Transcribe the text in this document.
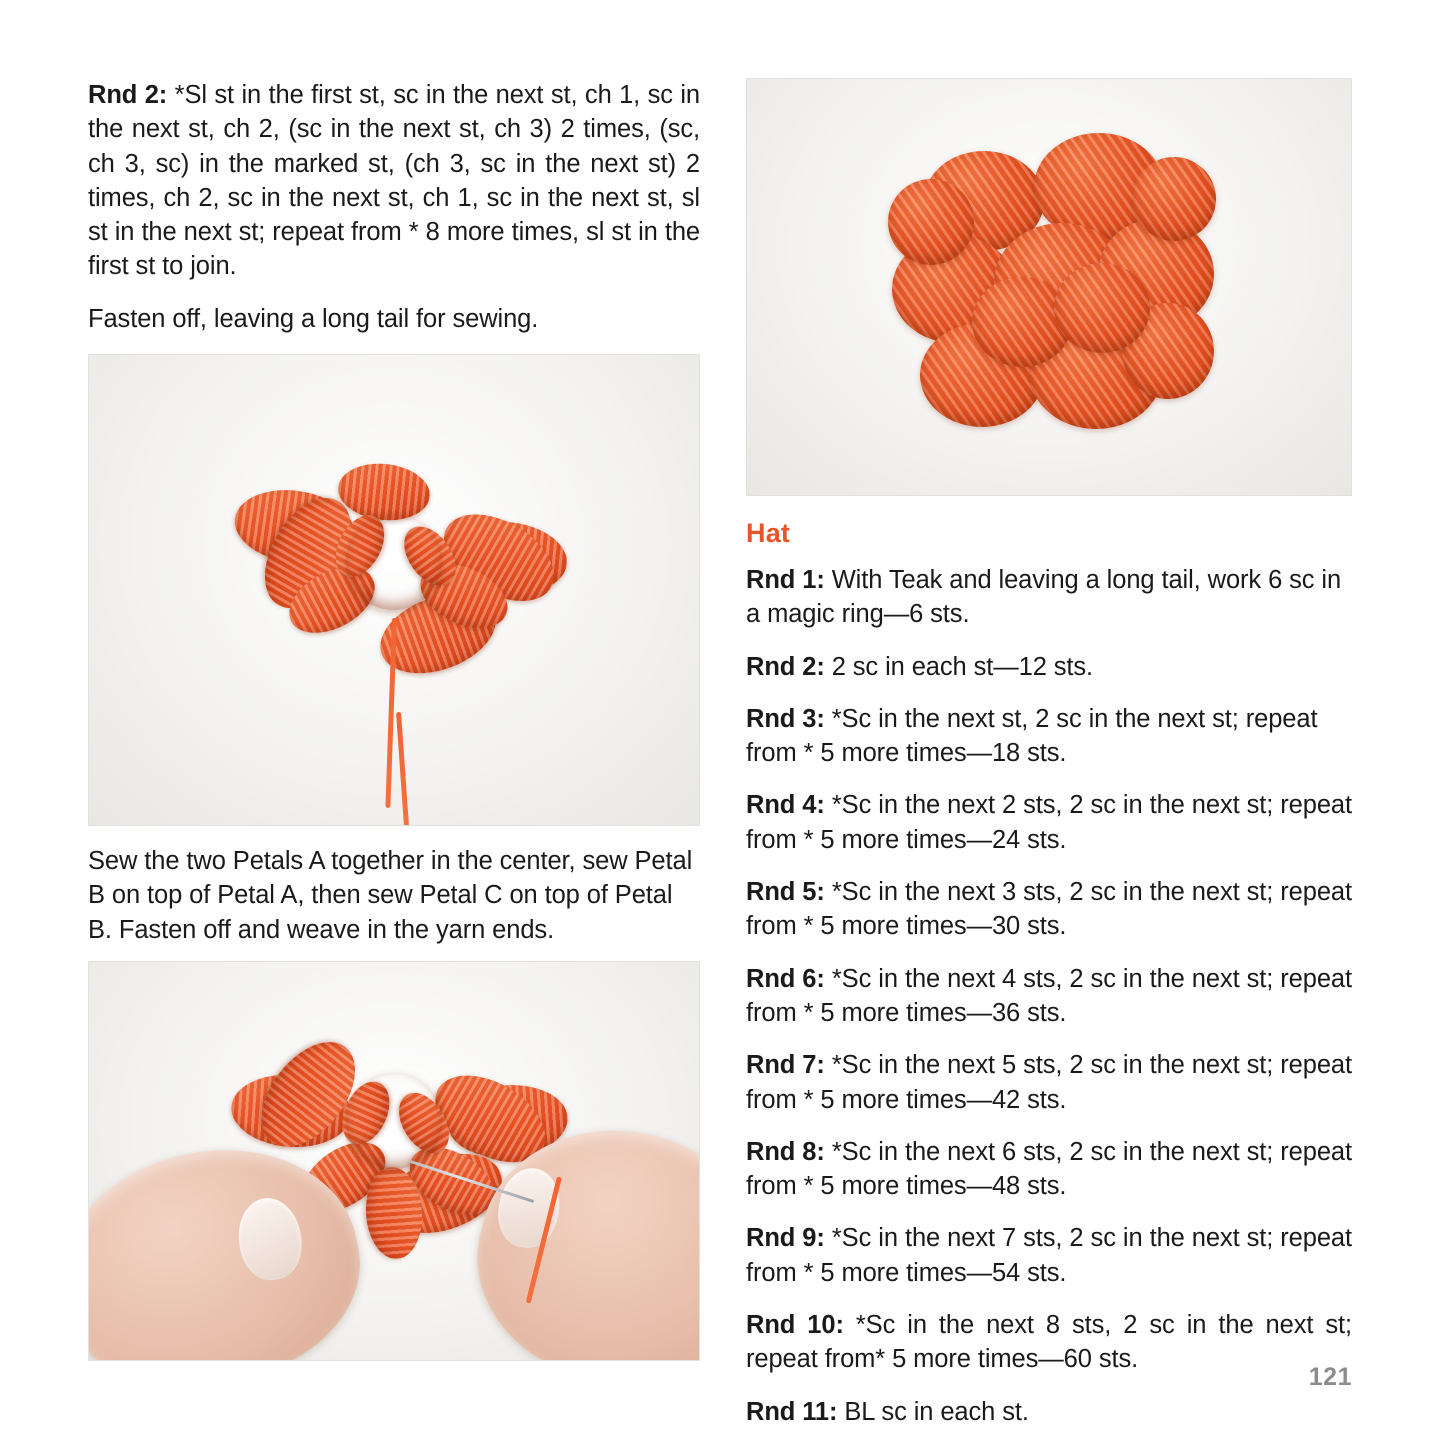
Rnd 2: *Sl st in the first st, sc in the next st, ch 1, sc in the next st, ch 2, (sc in the next st, ch 3) 2 times, (sc, ch 3, sc) in the marked st, (ch 3, sc in the next st) 2 times, ch 2, sc in the next st, ch 1, sc in the next st, sl st in the next st; repeat from * 8 more times, sl st in the first st to join.

Fasten off, leaving a long tail for sewing.

Sew the two Petals A together in the center, sew Petal B on top of Petal A, then sew Petal C on top of Petal B. Fasten off and weave in the yarn ends.

Hat

Rnd 1: With Teak and leaving a long tail, work 6 sc in a magic ring—6 sts.

Rnd 2: 2 sc in each st—12 sts.

Rnd 3: *Sc in the next st, 2 sc in the next st; repeat from * 5 more times—18 sts.

Rnd 4: *Sc in the next 2 sts, 2 sc in the next st; repeat from * 5 more times—24 sts.

Rnd 5: *Sc in the next 3 sts, 2 sc in the next st; repeat from * 5 more times—30 sts.

Rnd 6: *Sc in the next 4 sts, 2 sc in the next st; repeat from * 5 more times—36 sts.

Rnd 7: *Sc in the next 5 sts, 2 sc in the next st; repeat from * 5 more times—42 sts.

Rnd 8: *Sc in the next 6 sts, 2 sc in the next st; repeat from * 5 more times—48 sts.

Rnd 9: *Sc in the next 7 sts, 2 sc in the next st; repeat from * 5 more times—54 sts.

Rnd 10: *Sc in the next 8 sts, 2 sc in the next st; repeat from* 5 more times—60 sts.

Rnd 11: BL sc in each st.

121
